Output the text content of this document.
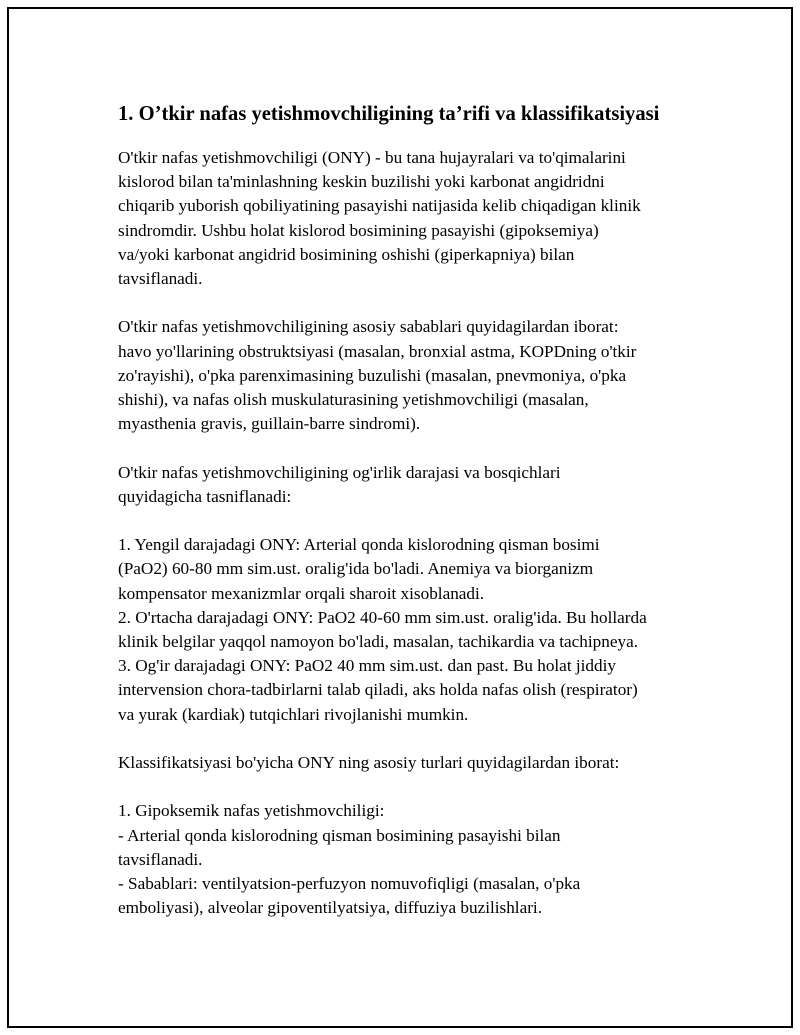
1. O’tkir nafas yetishmovchiligining ta’rifi va klassifikatsiyasi

O'tkir nafas yetishmovchiligi (ONY) - bu tana hujayralari va to'qimalarini
kislorod bilan ta'minlashning keskin buzilishi yoki karbonat angidridni
chiqarib yuborish qobiliyatining pasayishi natijasida kelib chiqadigan klinik
sindromdir. Ushbu holat kislorod bosimining pasayishi (gipoksemiya)
va/yoki karbonat angidrid bosimining oshishi (giperkapniya) bilan
tavsiflanadi.

O'tkir nafas yetishmovchiligining asosiy sabablari quyidagilardan iborat:
havo yo'llarining obstruktsiyasi (masalan, bronxial astma, KOPDning o'tkir
zo'rayishi), o'pka parenximasining buzulishi (masalan, pnevmoniya, o'pka
shishi), va nafas olish muskulaturasining yetishmovchiligi (masalan,
myasthenia gravis, guillain-barre sindromi).

O'tkir nafas yetishmovchiligining og'irlik darajasi va bosqichlari
quyidagicha tasniflanadi:

1. Yengil darajadagi ONY: Arterial qonda kislorodning qisman bosimi
(PaO2) 60-80 mm sim.ust. oralig'ida bo'ladi. Anemiya va biorganizm
kompensator mexanizmlar orqali sharoit xisoblanadi.
2. O'rtacha darajadagi ONY: PaO2 40-60 mm sim.ust. oralig'ida. Bu hollarda
klinik belgilar yaqqol namoyon bo'ladi, masalan, tachikardia va tachipneya.
3. Og'ir darajadagi ONY: PaO2 40 mm sim.ust. dan past. Bu holat jiddiy
intervension chora-tadbirlarni talab qiladi, aks holda nafas olish (respirator)
va yurak (kardiak) tutqichlari rivojlanishi mumkin.

Klassifikatsiyasi bo'yicha ONY ning asosiy turlari quyidagilardan iborat:

1. Gipoksemik nafas yetishmovchiligi:
- Arterial qonda kislorodning qisman bosimining pasayishi bilan
tavsiflanadi.
- Sabablari: ventilyatsion-perfuzyon nomuvofiqligi (masalan, o'pka
emboliyasi), alveolar gipoventilyatsiya, diffuziya buzilishlari.
